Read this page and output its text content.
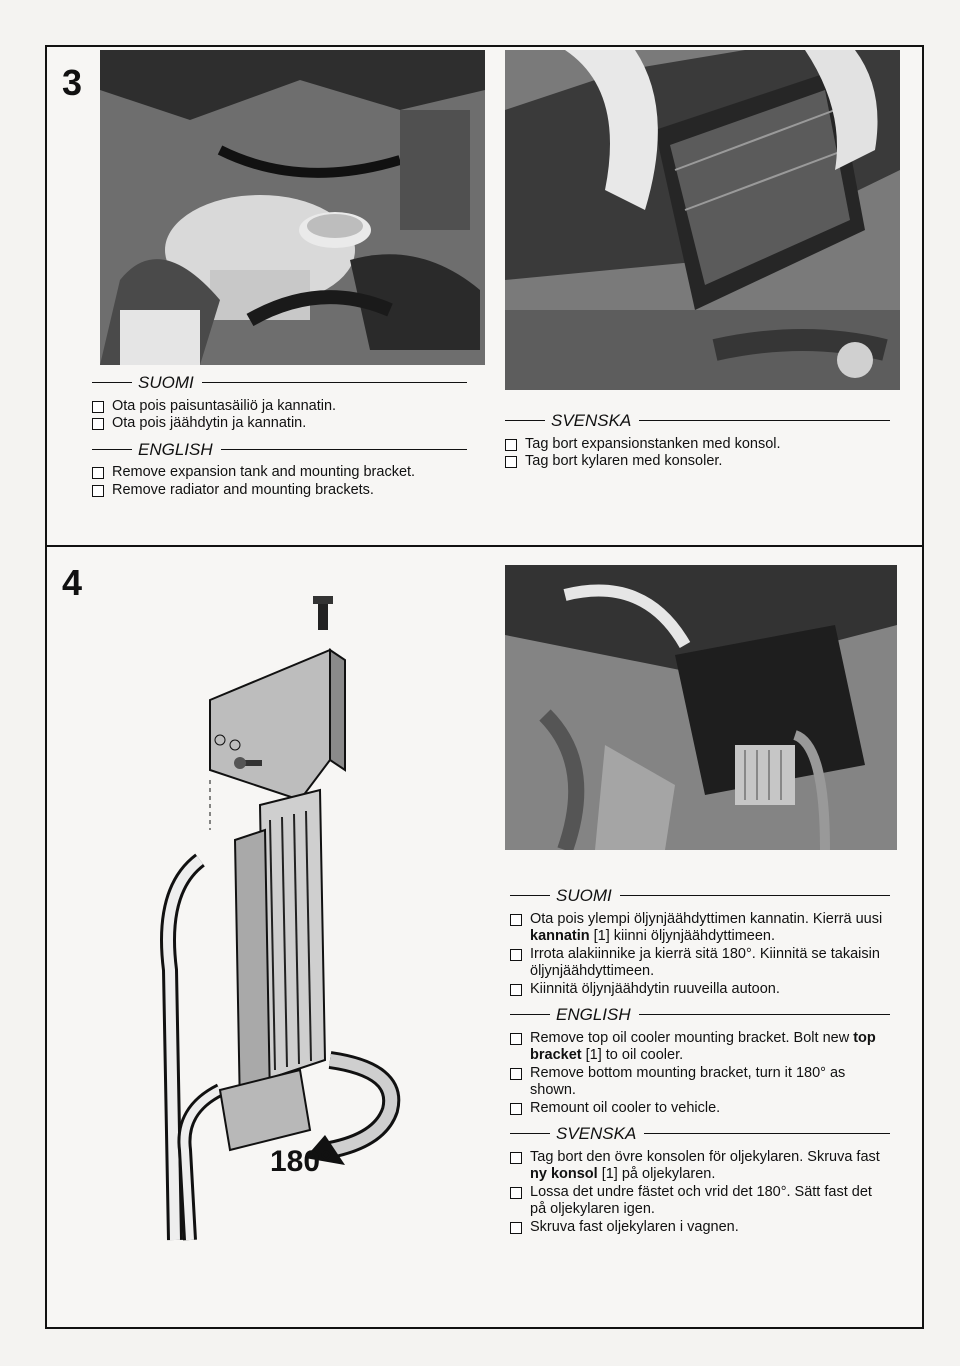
3
SUOMI
Ota pois paisuntasäiliö ja kannatin.
Ota pois jäähdytin ja kannatin.
ENGLISH
Remove expansion tank and mounting bracket.
Remove radiator and mounting brackets.
SVENSKA
Tag bort expansionstanken med konsol.
Tag bort kylaren med konsoler.
4
180°
SUOMI
Ota pois ylempi öljynjäähdyttimen kannatin. Kierrä uusi kannatin [1] kiinni öljynjäähdyttimeen.
Irrota alakiinnike ja kierrä sitä 180°. Kiinnitä se takaisin öljynjäähdyttimeen.
Kiinnitä öljynjäähdytin ruuveilla autoon.
ENGLISH
Remove top oil cooler mounting bracket. Bolt new top bracket [1] to oil cooler.
Remove bottom mounting bracket, turn it 180° as shown.
Remount oil cooler to vehicle.
SVENSKA
Tag bort den övre konsolen för oljekylaren. Skruva fast ny konsol [1] på oljekylaren.
Lossa det undre fästet och vrid det 180°. Sätt fast det på oljekylaren igen.
Skruva fast oljekylaren i vagnen.
